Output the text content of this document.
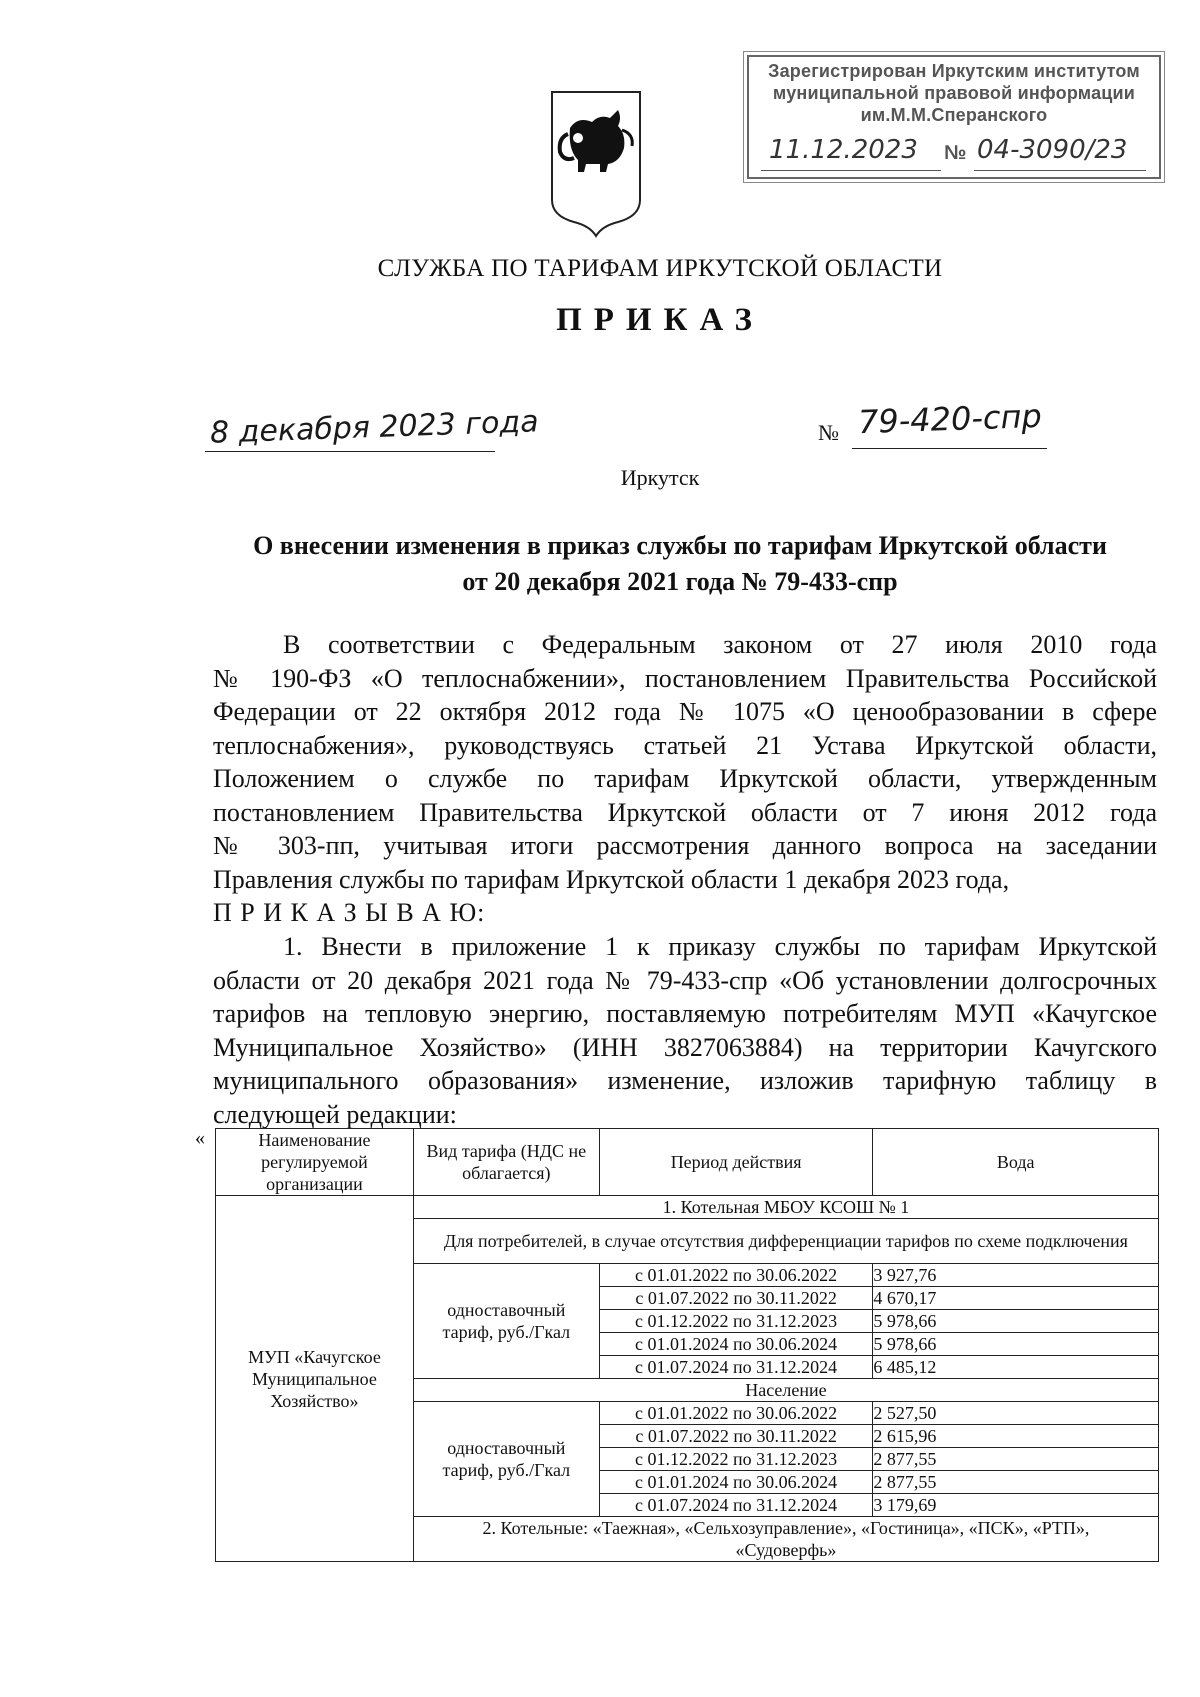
Зарегистрирован Иркутским институтом
муниципальной правовой информации
им.М.М.Сперанского
11.12.2023 № 04-3090/23
СЛУЖБА ПО ТАРИФАМ ИРКУТСКОЙ ОБЛАСТИ
ПРИКАЗ
8 декабря 2023 года	№ 79-420-спр
Иркутск
О внесении изменения в приказ службы по тарифам Иркутской области
от 20 декабря 2021 года № 79-433-спр
В соответствии с Федеральным законом от 27 июля 2010 года
№ 190-ФЗ «О теплоснабжении», постановлением Правительства Российской
Федерации от 22 октября 2012 года № 1075 «О ценообразовании в сфере
теплоснабжения», руководствуясь статьей 21 Устава Иркутской области,
Положением о службе по тарифам Иркутской области, утвержденным
постановлением Правительства Иркутской области от 7 июня 2012 года
№ 303-пп, учитывая итоги рассмотрения данного вопроса на заседании
Правления службы по тарифам Иркутской области 1 декабря 2023 года,
П Р И К А З Ы В А Ю:
1. Внести в приложение 1 к приказу службы по тарифам Иркутской
области от 20 декабря 2021 года № 79-433-спр «Об установлении долгосрочных
тарифов на тепловую энергию, поставляемую потребителям МУП «Качугское
Муниципальное Хозяйство» (ИНН 3827063884) на территории Качугского
муниципального образования» изменение, изложив тарифную таблицу в
следующей редакции:
«	Наименование регулируемой организации	Вид тарифа (НДС не облагается)	Период действия	Вода
МУП «Качугское Муниципальное Хозяйство»	1. Котельная МБОУ КСОШ № 1		
	Для потребителей, в случае отсутствия дифференциации тарифов по схеме подключения		
	одноставочный тариф, руб./Гкал	с 01.01.2022 по 30.06.2022	3 927,76
		с 01.07.2022 по 30.11.2022	4 670,17
		с 01.12.2022 по 31.12.2023	5 978,66
		с 01.01.2024 по 30.06.2024	5 978,66
		с 01.07.2024 по 31.12.2024	6 485,12
	Население		
	одноставочный тариф, руб./Гкал	с 01.01.2022 по 30.06.2022	2 527,50
		с 01.07.2022 по 30.11.2022	2 615,96
		с 01.12.2022 по 31.12.2023	2 877,55
		с 01.01.2024 по 30.06.2024	2 877,55
		с 01.07.2024 по 31.12.2024	3 179,69
	2. Котельные: «Таежная», «Сельхозуправление», «Гостиница», «ПСК», «РТП», «Судоверфь»		
